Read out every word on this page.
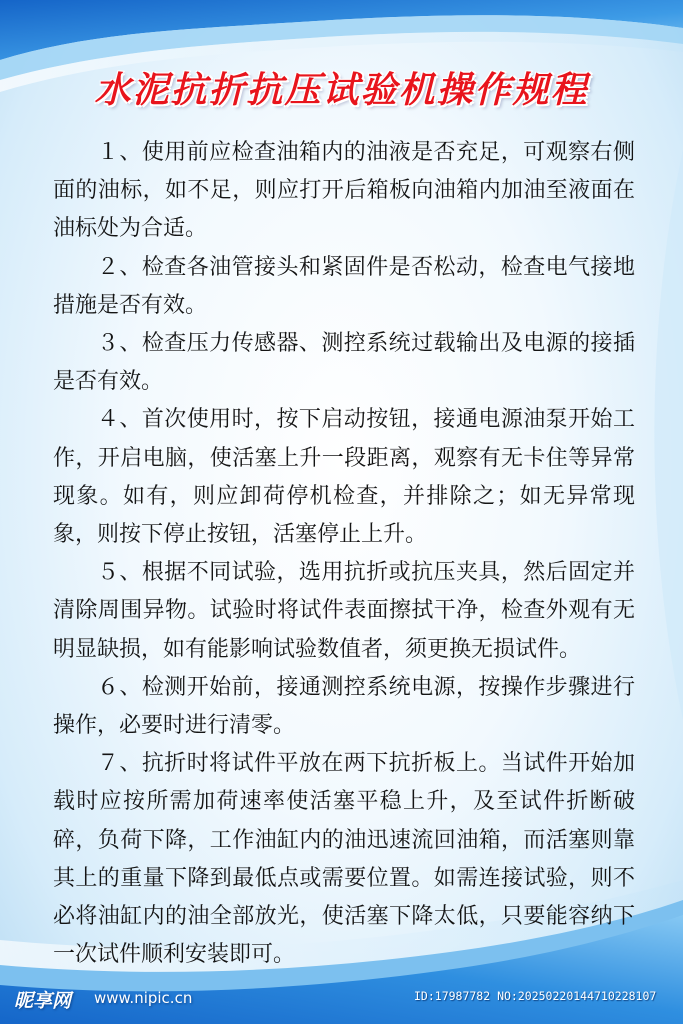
水泥抗折抗压试验机操作规程

１、使用前应检查油箱内的油液是否充足，可观察右侧面的油标，如不足，则应打开后箱板向油箱内加油至液面在油标处为合适。

２、检查各油管接头和紧固件是否松动，检查电气接地措施是否有效。

３、检查压力传感器、测控系统过载输出及电源的接插是否有效。

４、首次使用时，按下启动按钮，接通电源油泵开始工作，开启电脑，使活塞上升一段距离，观察有无卡住等异常现象。如有，则应卸荷停机检查，并排除之；如无异常现象，则按下停止按钮，活塞停止上升。

５、根据不同试验，选用抗折或抗压夹具，然后固定并清除周围异物。试验时将试件表面擦拭干净，检查外观有无明显缺损，如有能影响试验数值者，须更换无损试件。

６、检测开始前，接通测控系统电源，按操作步骤进行操作，必要时进行清零。

７、抗折时将试件平放在两下抗折板上。当试件开始加载时应按所需加荷速率使活塞平稳上升，及至试件折断破碎，负荷下降，工作油缸内的油迅速流回油箱，而活塞则靠其上的重量下降到最低点或需要位置。如需连接试验，则不必将油缸内的油全部放光，使活塞下降太低，只要能容纳下一次试件顺利安装即可。

昵享网 www.nipic.cn	ID:17987782 NO:20250220144710228107
